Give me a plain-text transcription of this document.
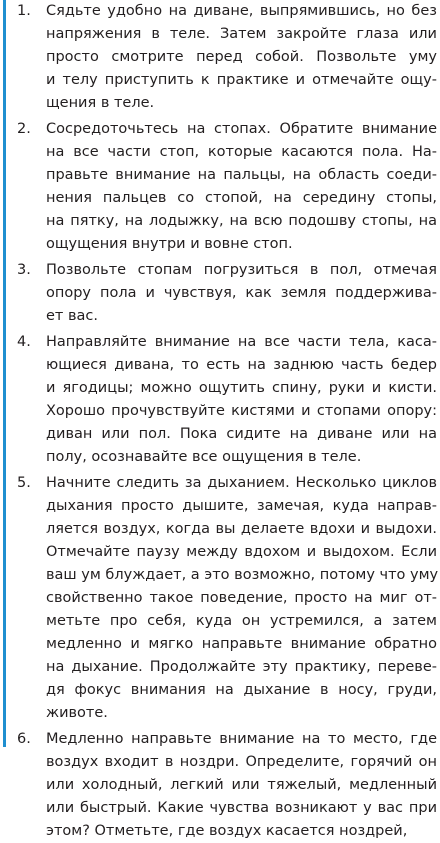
1. Сядьте удобно на диване, выпрямившись, но без
напряжения в теле. Затем закройте глаза или
просто смотрите перед собой. Позвольте уму
и телу приступить к практике и отмечайте ощу-
щения в теле.
2. Сосредоточьтесь на стопах. Обратите внимание
на все части стоп, которые касаются пола. На-
правьте внимание на пальцы, на область соеди-
нения пальцев со стопой, на середину стопы,
на пятку, на лодыжку, на всю подошву стопы, на
ощущения внутри и вовне стоп.
3. Позвольте стопам погрузиться в пол, отмечая
опору пола и чувствуя, как земля поддерживa-
ет вас.
4. Направляйте внимание на все части тела, каса-
ющиеся дивана, то есть на заднюю часть бедер
и ягодицы; можно ощутить спину, руки и кисти.
Хорошо прочувствуйте кистями и стопами опору:
диван или пол. Пока сидите на диване или на
полу, осознавайте все ощущения в теле.
5. Начните следить за дыханием. Несколько циклов
дыхания просто дышите, замечая, куда направ-
ляется воздух, когда вы делаете вдохи и выдохи.
Отмечайте паузу между вдохом и выдохом. Если
ваш ум блуждает, а это возможно, потому что уму
свойственно такое поведение, просто на миг от-
метьте про себя, куда он устремился, а затем
медленно и мягко направьте внимание обратно
на дыхание. Продолжайте эту практику, переве-
дя фокус внимания на дыхание в носу, груди,
животе.
6. Медленно направьте внимание на то место, где
воздух входит в ноздри. Определите, горячий он
или холодный, легкий или тяжелый, медленный
или быстрый. Какие чувства возникают у вас при
этом? Отметьте, где воздух касается ноздрей,
